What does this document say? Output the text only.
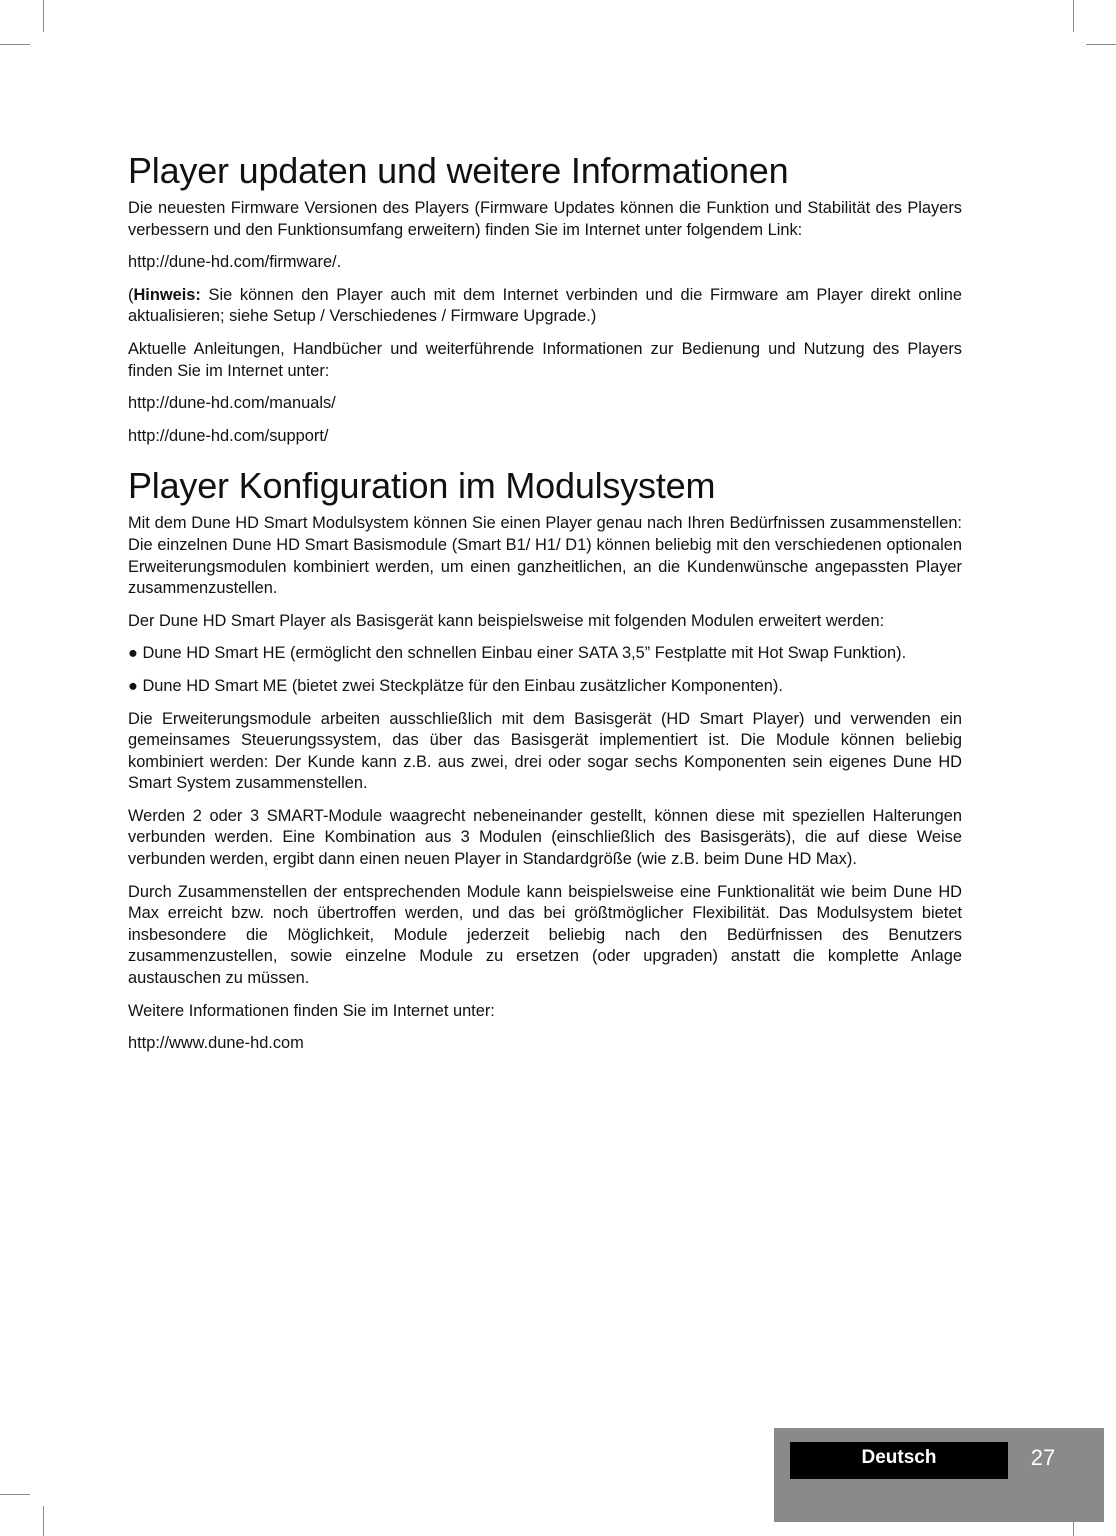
Player updaten und weitere Informationen

Die neuesten Firmware Versionen des Players (Firmware Updates können die Funktion und Stabilität des Players verbessern und den Funktionsumfang erweitern) finden Sie im Internet unter folgendem Link:

http://dune-hd.com/firmware/.

(Hinweis: Sie können den Player auch mit dem Internet verbinden und die Firmware am Player direkt online aktualisieren; siehe Setup / Verschiedenes / Firmware Upgrade.)

Aktuelle Anleitungen, Handbücher und weiterführende Informationen zur Bedienung und Nutzung des Players finden Sie im Internet unter:

http://dune-hd.com/manuals/

http://dune-hd.com/support/

Player Konfiguration im Modulsystem

Mit dem Dune HD Smart Modulsystem können Sie einen Player genau nach Ihren Bedürfnissen zusammenstellen: Die einzelnen Dune HD Smart Basismodule (Smart B1/ H1/ D1) können beliebig mit den verschiedenen optionalen Erweiterungsmodulen kombiniert werden, um einen ganzheitlichen, an die Kundenwünsche angepassten Player zusammenzustellen.

Der Dune HD Smart Player als Basisgerät kann beispielsweise mit folgenden Modulen erweitert werden:

● Dune HD Smart HE (ermöglicht den schnellen Einbau einer SATA 3,5” Festplatte mit Hot Swap Funktion).

● Dune HD Smart ME (bietet zwei Steckplätze für den Einbau zusätzlicher Komponenten).

Die Erweiterungsmodule arbeiten ausschließlich mit dem Basisgerät (HD Smart Player) und verwenden ein gemeinsames Steuerungssystem, das über das Basisgerät implementiert ist. Die Module können beliebig kombiniert werden: Der Kunde kann z.B. aus zwei, drei oder sogar sechs Komponenten sein eigenes Dune HD Smart System zusammenstellen.

Werden 2 oder 3 SMART-Module waagrecht nebeneinander gestellt, können diese mit speziellen Halterungen verbunden werden. Eine Kombination aus 3 Modulen (einschließlich des Basisgeräts), die auf diese Weise verbunden werden, ergibt dann einen neuen Player in Standardgröße (wie z.B. beim Dune HD Max).

Durch Zusammenstellen der entsprechenden Module kann beispielsweise eine Funktionalität wie beim Dune HD Max erreicht bzw. noch übertroffen werden, und das bei größtmöglicher Flexibilität. Das Modulsystem bietet insbesondere die Möglichkeit, Module jederzeit beliebig nach den Bedürfnissen des Benutzers zusammenzustellen, sowie einzelne Module zu ersetzen (oder upgraden) anstatt die komplette Anlage austauschen zu müssen.

Weitere Informationen finden Sie im Internet unter:

http://www.dune-hd.com

Deutsch	27
